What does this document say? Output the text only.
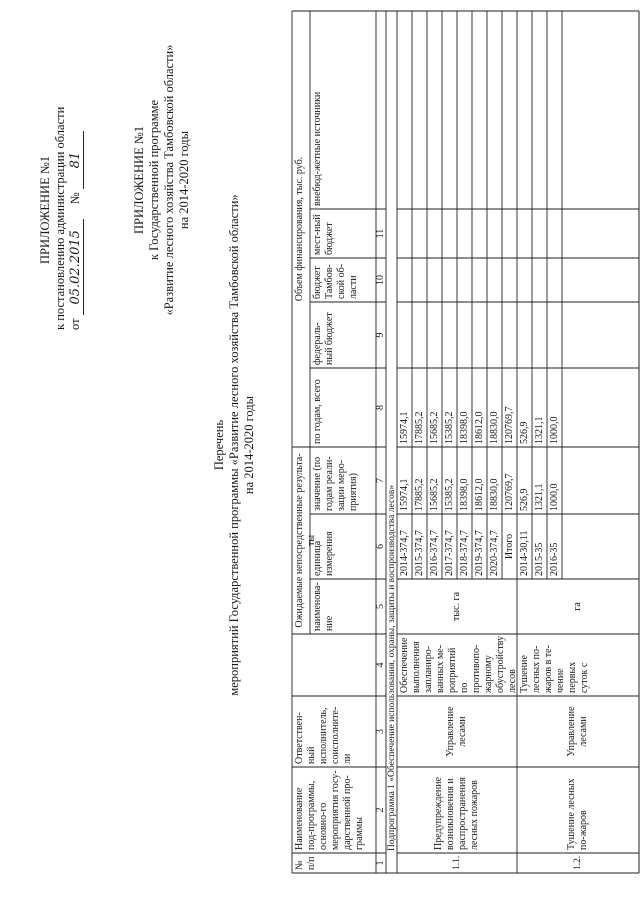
ПРИЛОЖЕНИЕ №1 к постановлению администрации области от 05.02.2015 № 81	ПРИЛОЖЕНИЕ №1 к Государственной программе «Развитие лесного хозяйства Тамбовской области» на 2014-2020 годы
Перечень мероприятий Государственной программы «Развитие лесного хозяйства Тамбовской области» на 2014-2020 годы
№ п/п
Наименование под-программы, основно-го мероприятия госу-дарственной про-граммы
Ответствен-ный исполнитель, соисполните-ли
Ожидаемые непосредственные результа-ты
наименова-ние
единица измерения
значение (по годам реали-зации меро-приятия)
Объем финансирования, тыс. руб.
по годам, всего
федераль-ный бюджет
бюджет Тамбов-ской об-ласти
мест-ный бюджет
внебюд-жетные источники
1
2
3
4
5
6
7
8
9
10
11
Подпрограмма 1 «Обеспечение использования, охраны, защиты и воспроизводства лесов»
1.1.
Предупреждение возникновения и распространения лесных пожаров
Управление лесами
Обеспечение выполнения запланиро-ванных ме-роприятий по противопо-жарному обустройству лесов
тыс. га
2014-374,7
15974,1
15974,1
2015-374,7
17885,2
17885,2
2016-374,7
15685,2
15685,2
2017-374,7
15385,2
15385,2
2018-374,7
18398,0
18398,0
2019-374,7
18612,0
18612,0
2020-374,7
18830,0
18830,0
Итого
120769,7
120769,7
1.2.
Тушение лесных по-жаров
Управление лесами
Тушение лесных по-жаров в те-чение первых суток с
га
2014-30,11
526,9
526,9
2015-35
1321,1
1321,1
2016-35
1000,0
1000,0
